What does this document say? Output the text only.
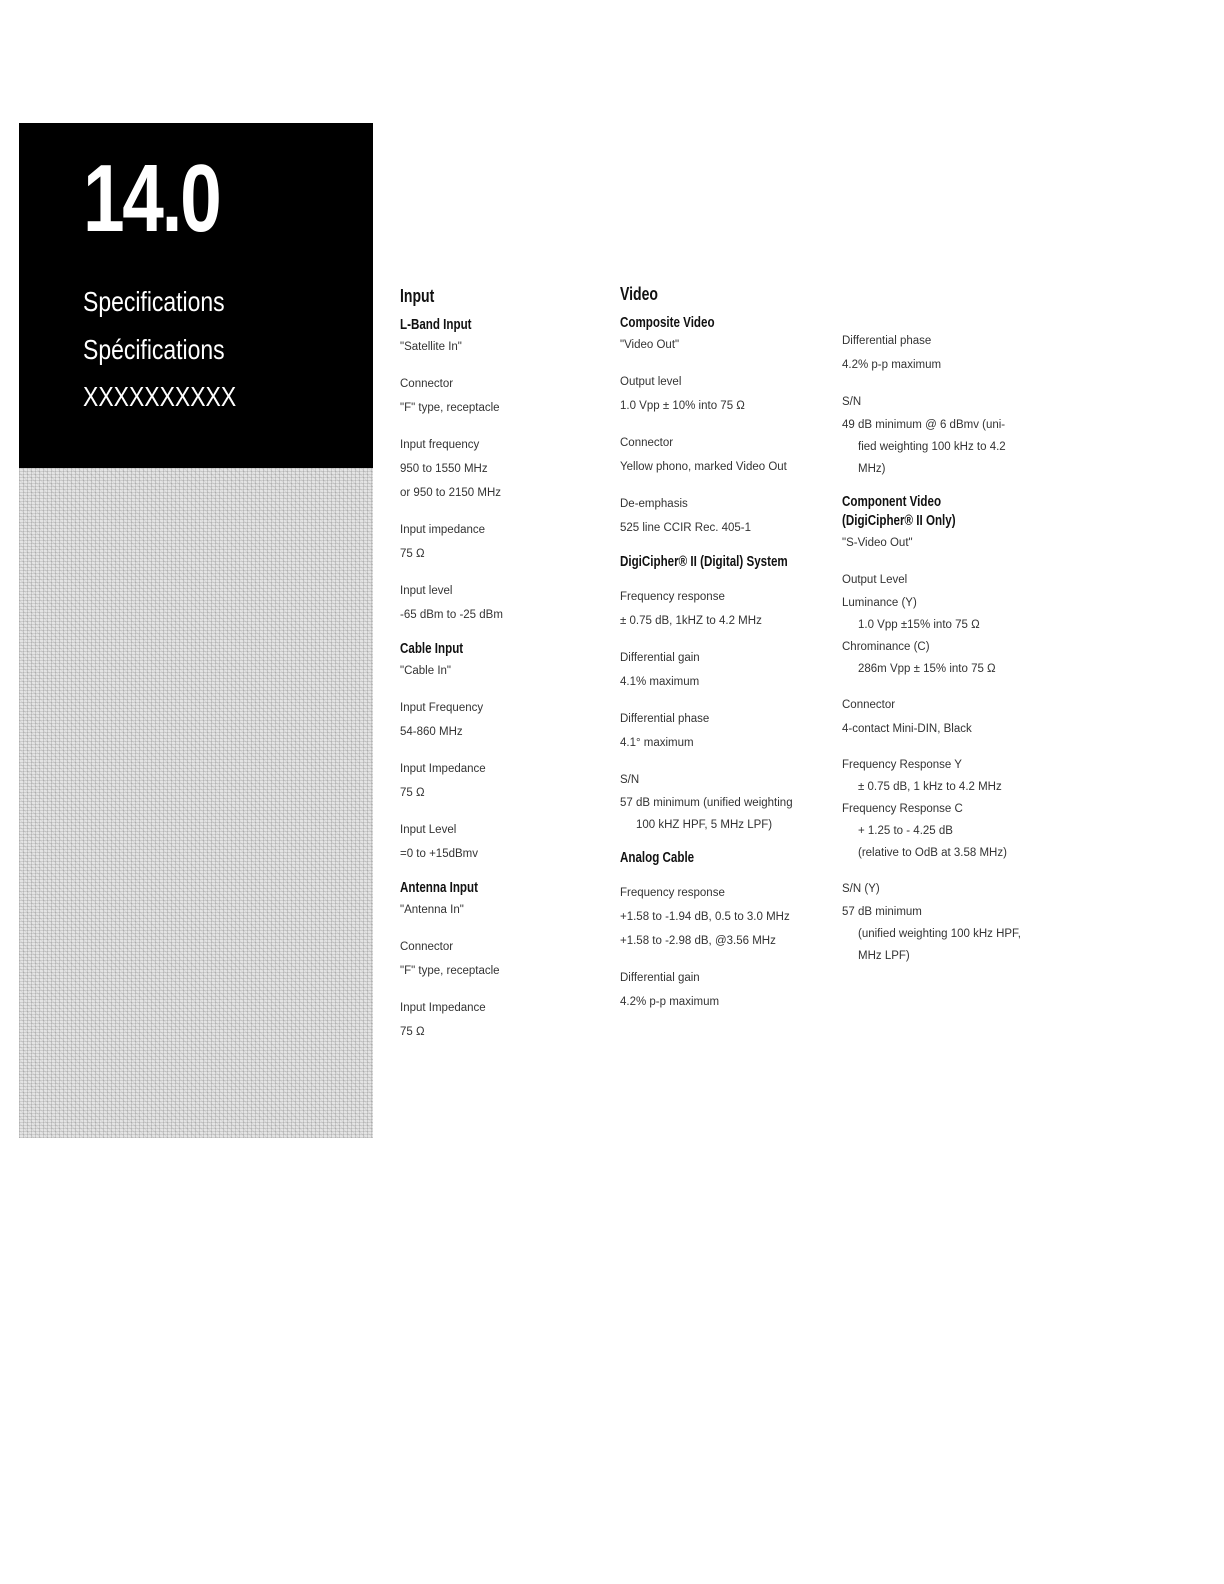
14.0
Specifications
Spécifications
XXXXXXXXXX
Input
L-Band Input
"Satellite In"
Connector
"F" type, receptacle
Input frequency
950 to 1550 MHz
or 950 to 2150 MHz
Input impedance
75 Ω
Input level
-65 dBm to -25 dBm
Cable Input
"Cable In"
Input Frequency
54-860 MHz
Input Impedance
75 Ω
Input Level
=0 to +15dBmv
Antenna Input
"Antenna In"
Connector
"F" type, receptacle
Input Impedance
75 Ω
Video
Composite Video
"Video Out"
Output level
1.0 Vpp ± 10% into 75 Ω
Connector
Yellow phono, marked Video Out
De-emphasis
525 line CCIR Rec. 405-1
DigiCipher® II (Digital) System
Frequency response
± 0.75 dB, 1kHZ to 4.2 MHz
Differential gain
4.1% maximum
Differential phase
4.1° maximum
S/N
57 dB minimum (unified weighting
100 kHZ HPF, 5 MHz LPF)
Analog Cable
Frequency response
+1.58 to -1.94 dB, 0.5 to 3.0 MHz
+1.58 to -2.98 dB, @3.56 MHz
Differential gain
4.2% p-p maximum
Differential phase
4.2% p-p maximum
S/N
49 dB minimum @ 6 dBmv (uni-
fied weighting 100 kHz to 4.2
MHz)
Component Video
(DigiCipher® II Only)
"S-Video Out"
Output Level
Luminance (Y)
1.0 Vpp ±15% into 75 Ω
Chrominance (C)
286m Vpp ± 15% into 75 Ω
Connector
4-contact Mini-DIN, Black
Frequency Response Y
± 0.75 dB, 1 kHz to 4.2 MHz
Frequency Response C
+ 1.25 to - 4.25 dB
(relative to OdB at 3.58 MHz)
S/N (Y)
57 dB minimum
(unified weighting 100 kHz HPF,
MHz LPF)
